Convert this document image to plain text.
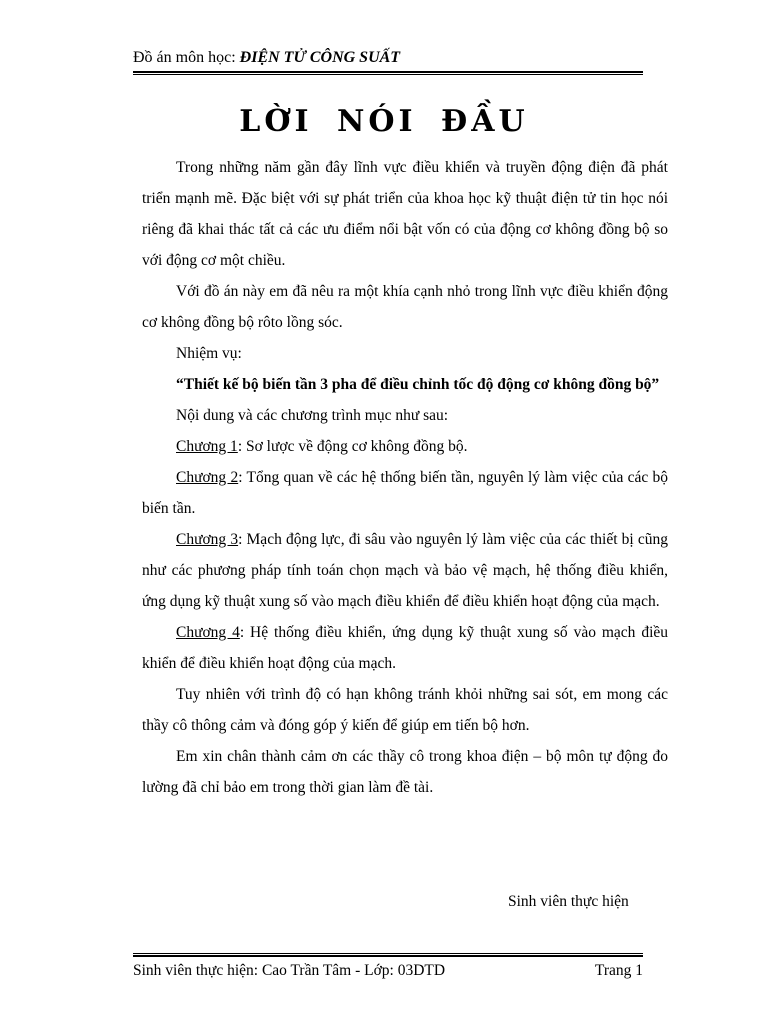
Đồ án môn học: ĐIỆN TỬ CÔNG SUẤT
LỜI NÓI ĐẦU

Trong những năm gần đây lĩnh vực điều khiển và truyền động điện đã phát triển mạnh mẽ. Đặc biệt với sự phát triển của khoa học kỹ thuật điện tử tin học nói riêng đã khai thác tất cả các ưu điểm nổi bật vốn có của động cơ không đồng bộ so với động cơ một chiều.

Với đồ án này em đã nêu ra một khía cạnh nhỏ trong lĩnh vực điều khiển động cơ không đồng bộ rôto lồng sóc.

Nhiệm vụ:

“Thiết kế bộ biến tần 3 pha để điều chỉnh tốc độ động cơ không đồng bộ”

Nội dung và các chương trình mục như sau:

Chương 1: Sơ lược về động cơ không đồng bộ.

Chương 2: Tổng quan về các hệ thống biến tần, nguyên lý làm việc của các bộ biến tần.

Chương 3: Mạch động lực, đi sâu vào nguyên lý làm việc của các thiết bị cũng như các phương pháp tính toán chọn mạch và bảo vệ mạch, hệ thống điều khiển, ứng dụng kỹ thuật xung số vào mạch điều khiển để điều khiển hoạt động của mạch.

Chương 4: Hệ thống điều khiển, ứng dụng kỹ thuật xung số vào mạch điều khiển để điều khiển hoạt động của mạch.

Tuy nhiên với trình độ có hạn không tránh khỏi những sai sót, em mong các thầy cô thông cảm và đóng góp ý kiến để giúp em tiến bộ hơn.

Em xin chân thành cảm ơn các thầy cô trong khoa điện – bộ môn tự động đo lường đã chỉ bảo em trong thời gian làm đề tài.

Sinh viên thực hiện
Sinh viên thực hiện: Cao Trần Tâm - Lớp: 03DTD	Trang 1
